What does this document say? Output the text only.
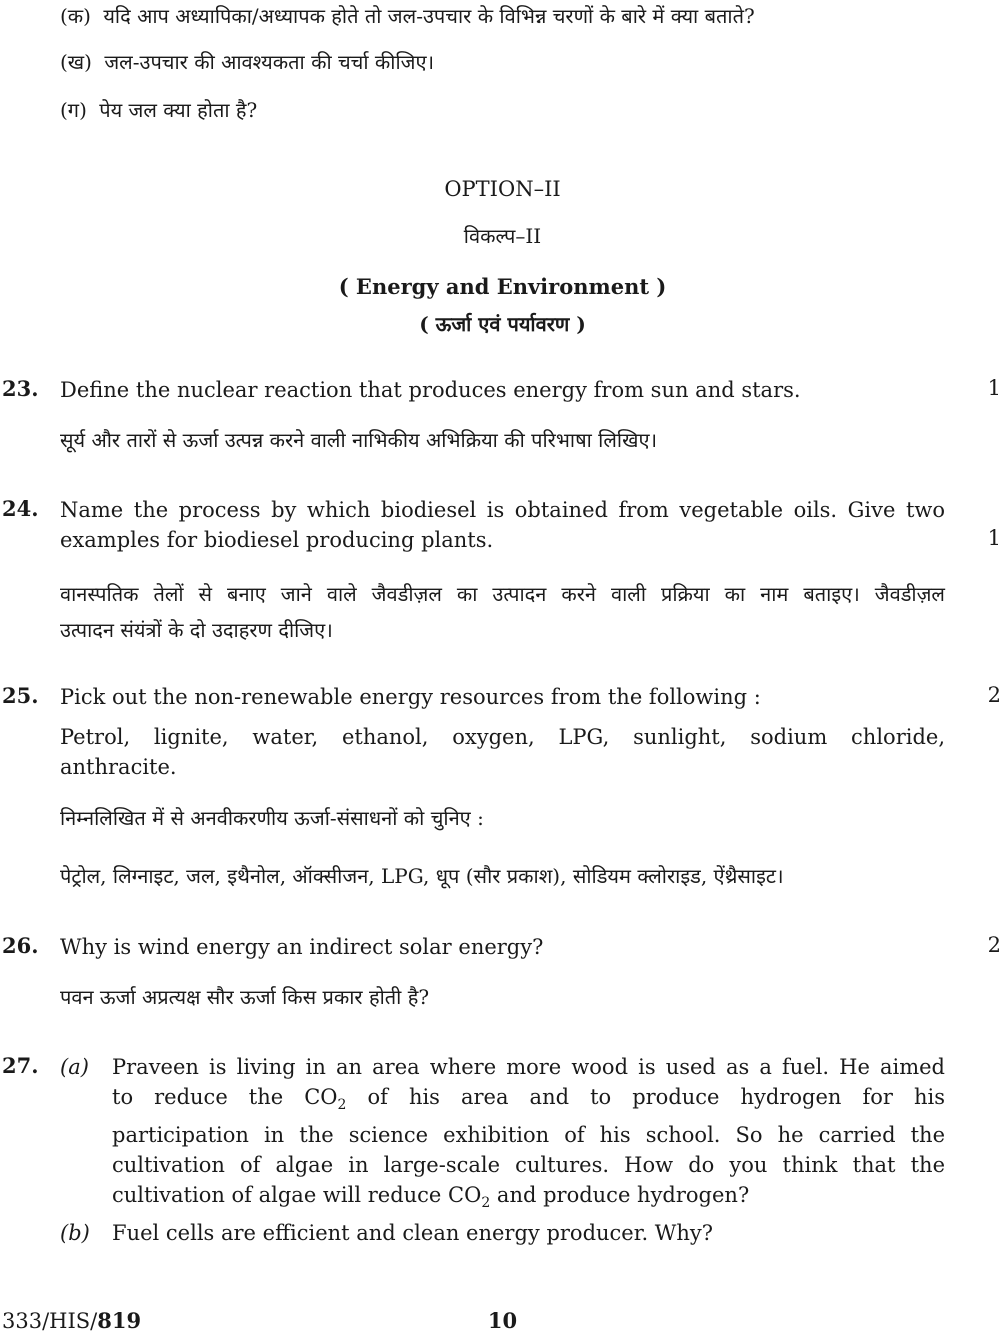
(क) यदि आप अध्यापिका/अध्यापक होते तो जल-उपचार के विभिन्न चरणों के बारे में क्या बताते?
(ख) जल-उपचार की आवश्यकता की चर्चा कीजिए।
(ग) पेय जल क्या होता है?
OPTION–II
विकल्प–II
( Energy and Environment )
( ऊर्जा एवं पर्यावरण )
23. Define the nuclear reaction that produces energy from sun and stars.	1
सूर्य और तारों से ऊर्जा उत्पन्न करने वाली नाभिकीय अभिक्रिया की परिभाषा लिखिए।
24. Name the process by which biodiesel is obtained from vegetable oils. Give two
examples for biodiesel producing plants.	1
वानस्पतिक तेलों से बनाए जाने वाले जैवडीज़ल का उत्पादन करने वाली प्रक्रिया का नाम बताइए। जैवडीज़ल
उत्पादन संयंत्रों के दो उदाहरण दीजिए।
25. Pick out the non-renewable energy resources from the following :	2
Petrol, lignite, water, ethanol, oxygen, LPG, sunlight, sodium chloride,
anthracite.
निम्नलिखित में से अनवीकरणीय ऊर्जा-संसाधनों को चुनिए :
पेट्रोल, लिग्नाइट, जल, इथैनोल, ऑक्सीजन, LPG, धूप (सौर प्रकाश), सोडियम क्लोराइड, ऐंथ्रैसाइट।
26. Why is wind energy an indirect solar energy?	2
पवन ऊर्जा अप्रत्यक्ष सौर ऊर्जा किस प्रकार होती है?
27. (a) Praveen is living in an area where more wood is used as a fuel. He aimed
to reduce the $CO_2$ of his area and to produce hydrogen for his
participation in the science exhibition of his school. So he carried the
cultivation of algae in large-scale cultures. How do you think that the
cultivation of algae will reduce $CO_2$ and produce hydrogen?
(b) Fuel cells are efficient and clean energy producer. Why?
333/HIS/819	10
